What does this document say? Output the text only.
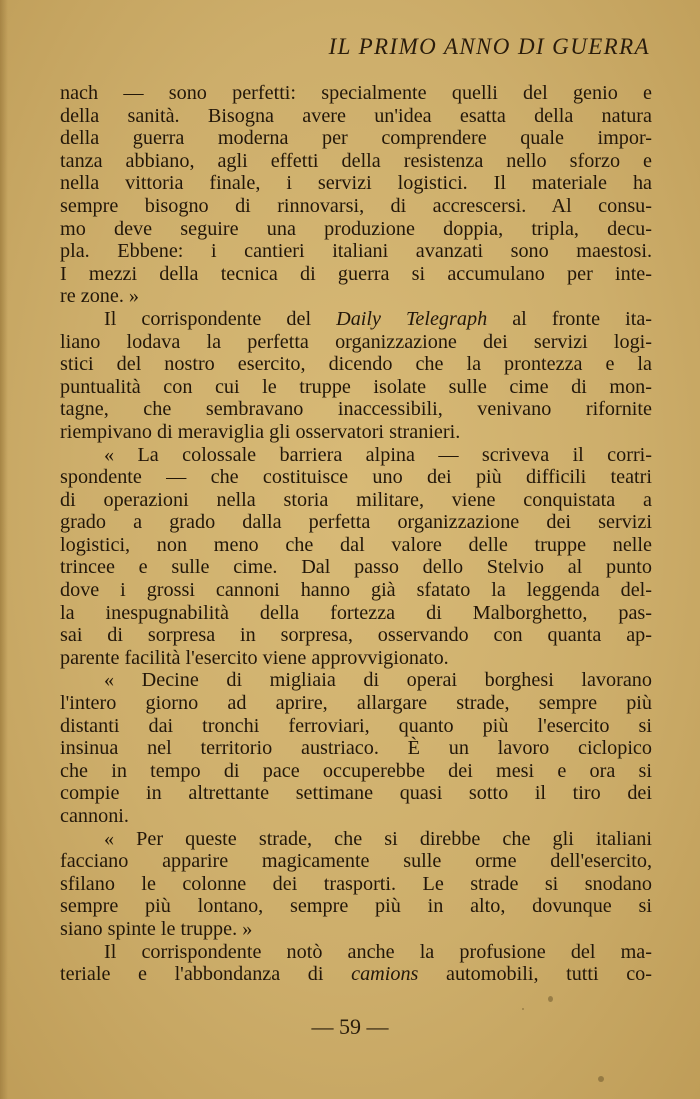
IL PRIMO ANNO DI GUERRA
nach — sono perfetti: specialmente quelli del genio e
della sanità. Bisogna avere un'idea esatta della natura
della guerra moderna per comprendere quale impor-
tanza abbiano, agli effetti della resistenza nello sforzo e
nella vittoria finale, i servizi logistici. Il materiale ha
sempre bisogno di rinnovarsi, di accrescersi. Al consu-
mo deve seguire una produzione doppia, tripla, decu-
pla. Ebbene: i cantieri italiani avanzati sono maestosi.
I mezzi della tecnica di guerra si accumulano per inte-
re zone. »
Il corrispondente del Daily Telegraph al fronte ita-
liano lodava la perfetta organizzazione dei servizi logi-
stici del nostro esercito, dicendo che la prontezza e la
puntualità con cui le truppe isolate sulle cime di mon-
tagne, che sembravano inaccessibili, venivano rifornite
riempivano di meraviglia gli osservatori stranieri.
« La colossale barriera alpina — scriveva il corri-
spondente — che costituisce uno dei più difficili teatri
di operazioni nella storia militare, viene conquistata a
grado a grado dalla perfetta organizzazione dei servizi
logistici, non meno che dal valore delle truppe nelle
trincee e sulle cime. Dal passo dello Stelvio al punto
dove i grossi cannoni hanno già sfatato la leggenda del-
la inespugnabilità della fortezza di Malborghetto, pas-
sai di sorpresa in sorpresa, osservando con quanta ap-
parente facilità l'esercito viene approvvigionato.
« Decine di migliaia di operai borghesi lavorano
l'intero giorno ad aprire, allargare strade, sempre più
distanti dai tronchi ferroviari, quanto più l'esercito si
insinua nel territorio austriaco. È un lavoro ciclopico
che in tempo di pace occuperebbe dei mesi e ora si
compie in altrettante settimane quasi sotto il tiro dei
cannoni.
« Per queste strade, che si direbbe che gli italiani
facciano apparire magicamente sulle orme dell'esercito,
sfilano le colonne dei trasporti. Le strade si snodano
sempre più lontano, sempre più in alto, dovunque si
siano spinte le truppe. »
Il corrispondente notò anche la profusione del ma-
teriale e l'abbondanza di camions automobili, tutti co-
— 59 —
